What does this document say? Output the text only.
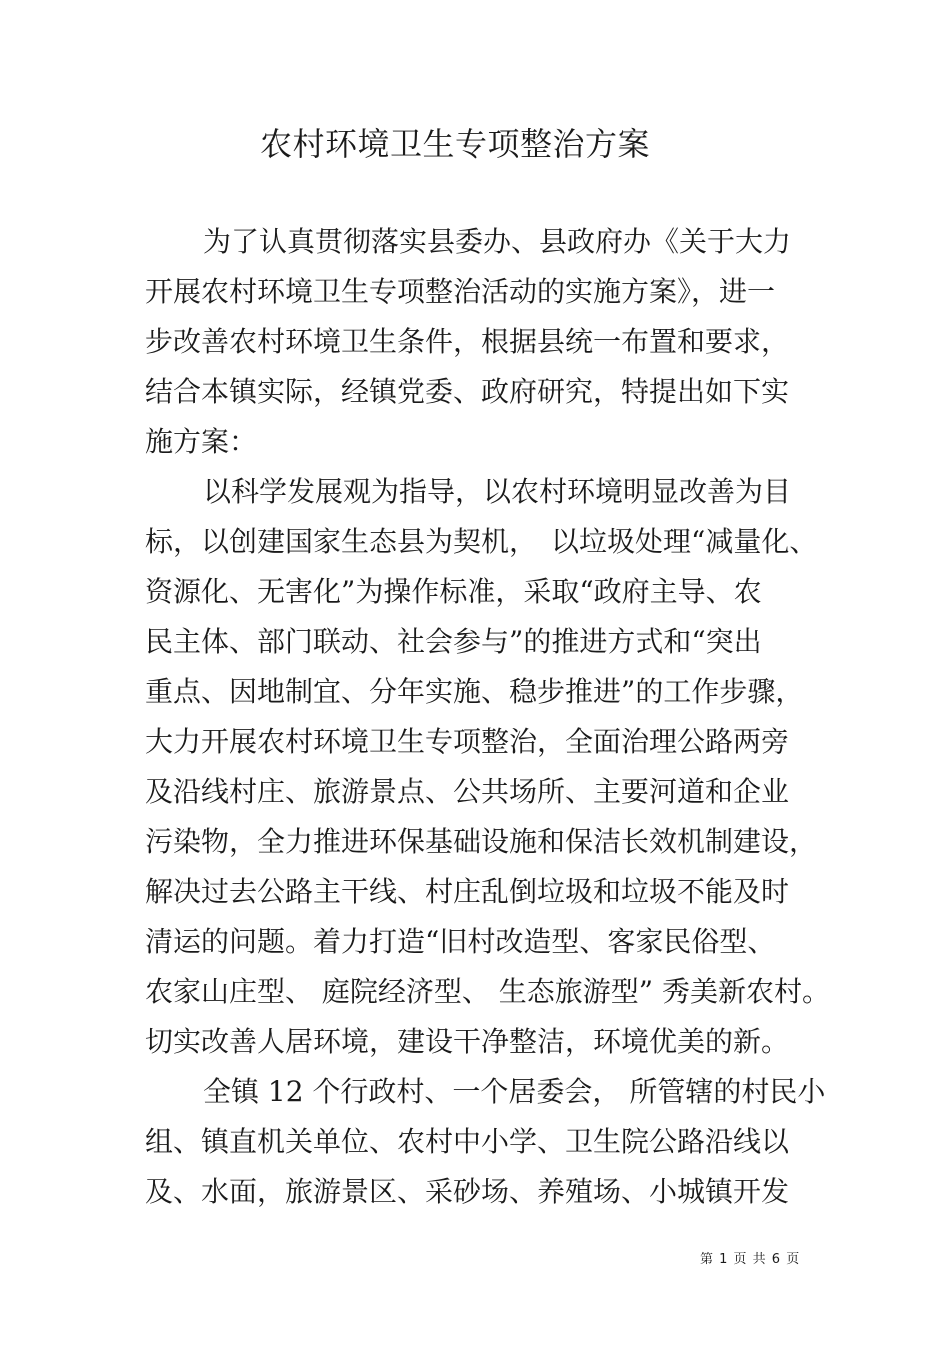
农村环境卫生专项整治方案
为了认真贯彻落实县委办、县政府办《关于大力
开展农村环境卫生专项整治活动的实施方案》，进一
步改善农村环境卫生条件，根据县统一布置和要求，
结合本镇实际，经镇党委、政府研究，特提出如下实
施方案：
以科学发展观为指导，以农村环境明显改善为目
标，以创建国家生态县为契机，　以垃圾处理“减量化、
资源化、无害化”为操作标准，采取“政府主导、农
民主体、部门联动、社会参与”的推进方式和“突出
重点、因地制宜、分年实施、稳步推进”的工作步骤，
大力开展农村环境卫生专项整治，全面治理公路两旁
及沿线村庄、旅游景点、公共场所、主要河道和企业
污染物，全力推进环保基础设施和保洁长效机制建设，
解决过去公路主干线、村庄乱倒垃圾和垃圾不能及时
清运的问题。着力打造“旧村改造型、客家民俗型、
农家山庄型、 庭院经济型、 生态旅游型” 秀美新农村。
切实改善人居环境，建设干净整洁，环境优美的新。
全镇 12 个行政村、一个居委会， 所管辖的村民小
组、镇直机关单位、农村中小学、卫生院公路沿线以
及、水面，旅游景区、采砂场、养殖场、小城镇开发
第 1 页 共 6 页
